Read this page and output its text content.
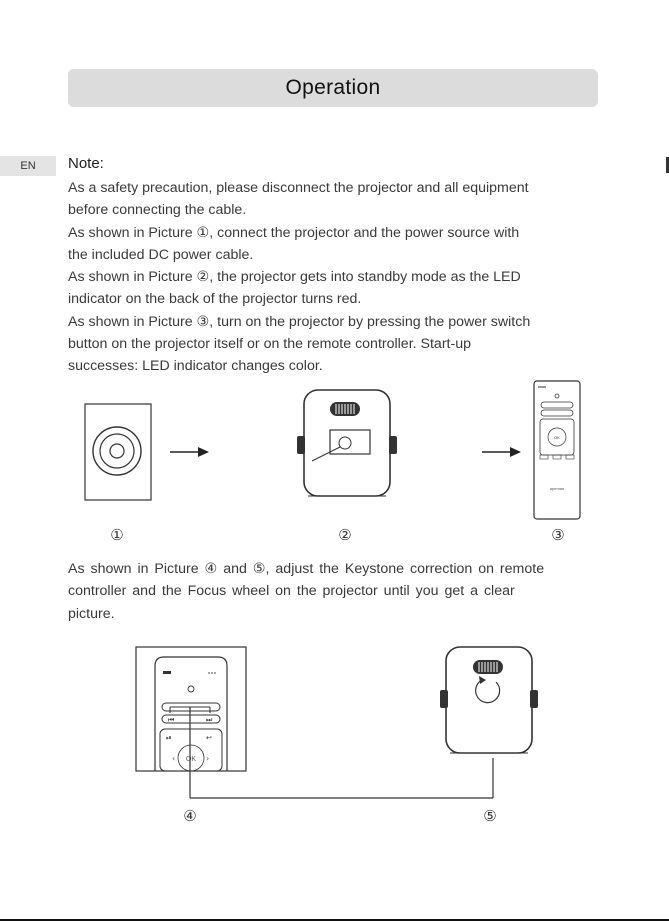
Operation
EN Note:

As a safety precaution, please disconnect the projector and all equipment

before connecting the cable.

As shown in Picture ①, connect the projector and the power source with

the included DC power cable.

As shown in Picture ②, the projector gets into standby mode as the LED

indicator on the back of the projector turns red.

As shown in Picture ③, turn on the projector by pressing the power switch

button on the projector itself or on the remote controller. Start-up

successes: LED indicator changes color.

OK
apeman
⏮	⏭
⏯	↩
OK
‹	›
①	②	③

As shown in Picture ④ and ⑤, adjust the Keystone correction on remote

controller and the Focus wheel on the projector until you get a clear

picture.

④	⑤
